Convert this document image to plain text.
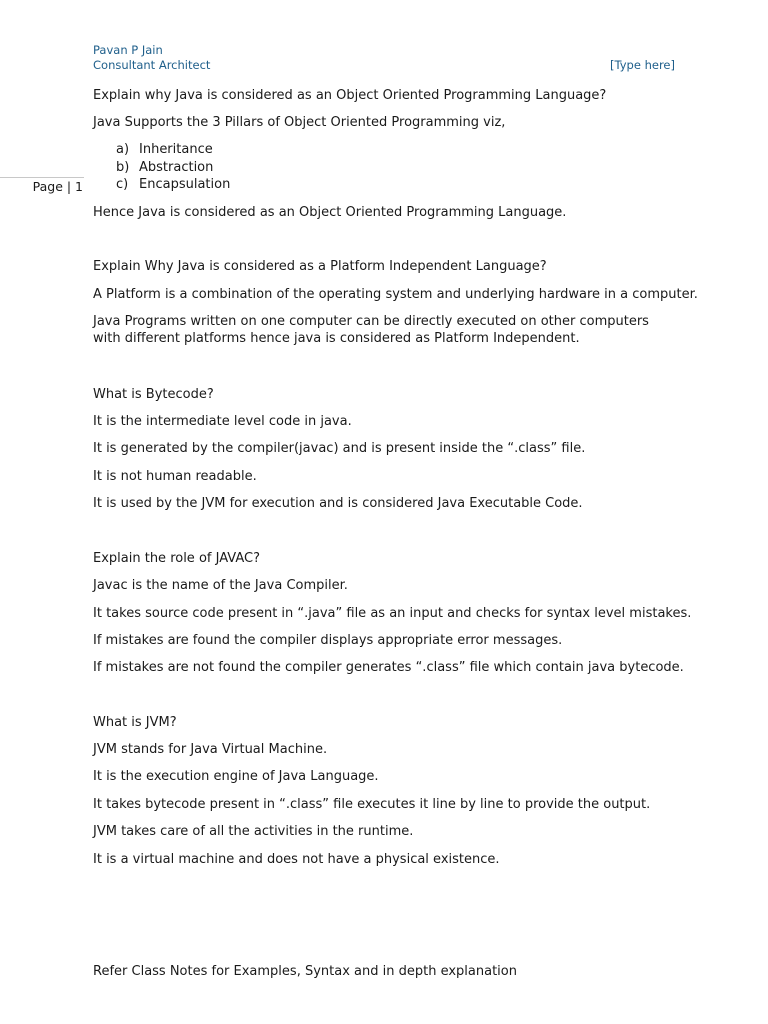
Pavan P Jain
Consultant Architect	[Type here]
Page | 1

Explain why Java is considered as an Object Oriented Programming Language?

Java Supports the 3 Pillars of Object Oriented Programming viz,

a) Inheritance
b) Abstraction
c) Encapsulation

Hence Java is considered as an Object Oriented Programming Language.

Explain Why Java is considered as a Platform Independent Language?

A Platform is a combination of the operating system and underlying hardware in a computer.

Java Programs written on one computer can be directly executed on other computers with different platforms hence java is considered as Platform Independent.

What is Bytecode?

It is the intermediate level code in java.

It is generated by the compiler(javac) and is present inside the “.class” file.

It is not human readable.

It is used by the JVM for execution and is considered Java Executable Code.

Explain the role of JAVAC?

Javac is the name of the Java Compiler.

It takes source code present in “.java” file as an input and checks for syntax level mistakes.

If mistakes are found the compiler displays appropriate error messages.

If mistakes are not found the compiler generates “.class” file which contain java bytecode.

What is JVM?

JVM stands for Java Virtual Machine.

It is the execution engine of Java Language.

It takes bytecode present in “.class” file executes it line by line to provide the output.

JVM takes care of all the activities in the runtime.

It is a virtual machine and does not have a physical existence.

Refer Class Notes for Examples, Syntax and in depth explanation
